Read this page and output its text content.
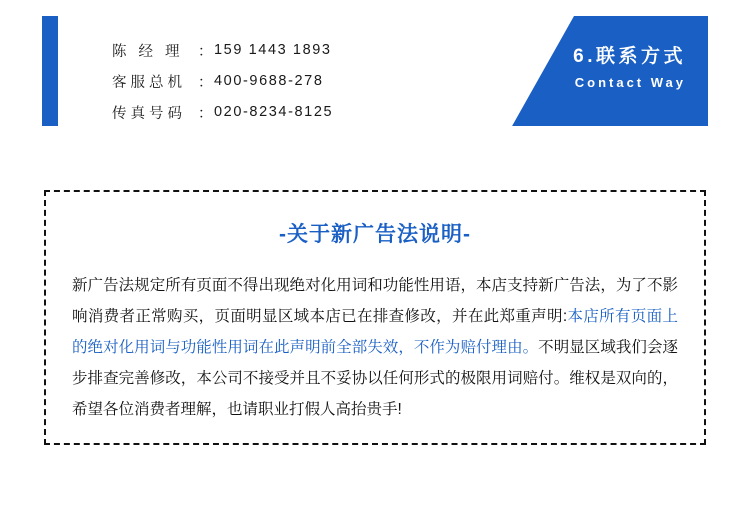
陈 经 理 ： 159 1443 1893
客服总机 ： 400-9688-278
传真号码 ： 020-8234-8125
6.联系方式
Contact Way
-关于新广告法说明-
新广告法规定所有页面不得出现绝对化用词和功能性用语，本店支持新广告法，为了不影响消费者正常购买，页面明显区域本店已在排查修改，并在此郑重声明:本店所有页面上的绝对化用词与功能性用词在此声明前全部失效，不作为赔付理由。不明显区域我们会逐步排查完善修改，本公司不接受并且不妥协以任何形式的极限用词赔付。维权是双向的，希望各位消费者理解，也请职业打假人高抬贵手!
